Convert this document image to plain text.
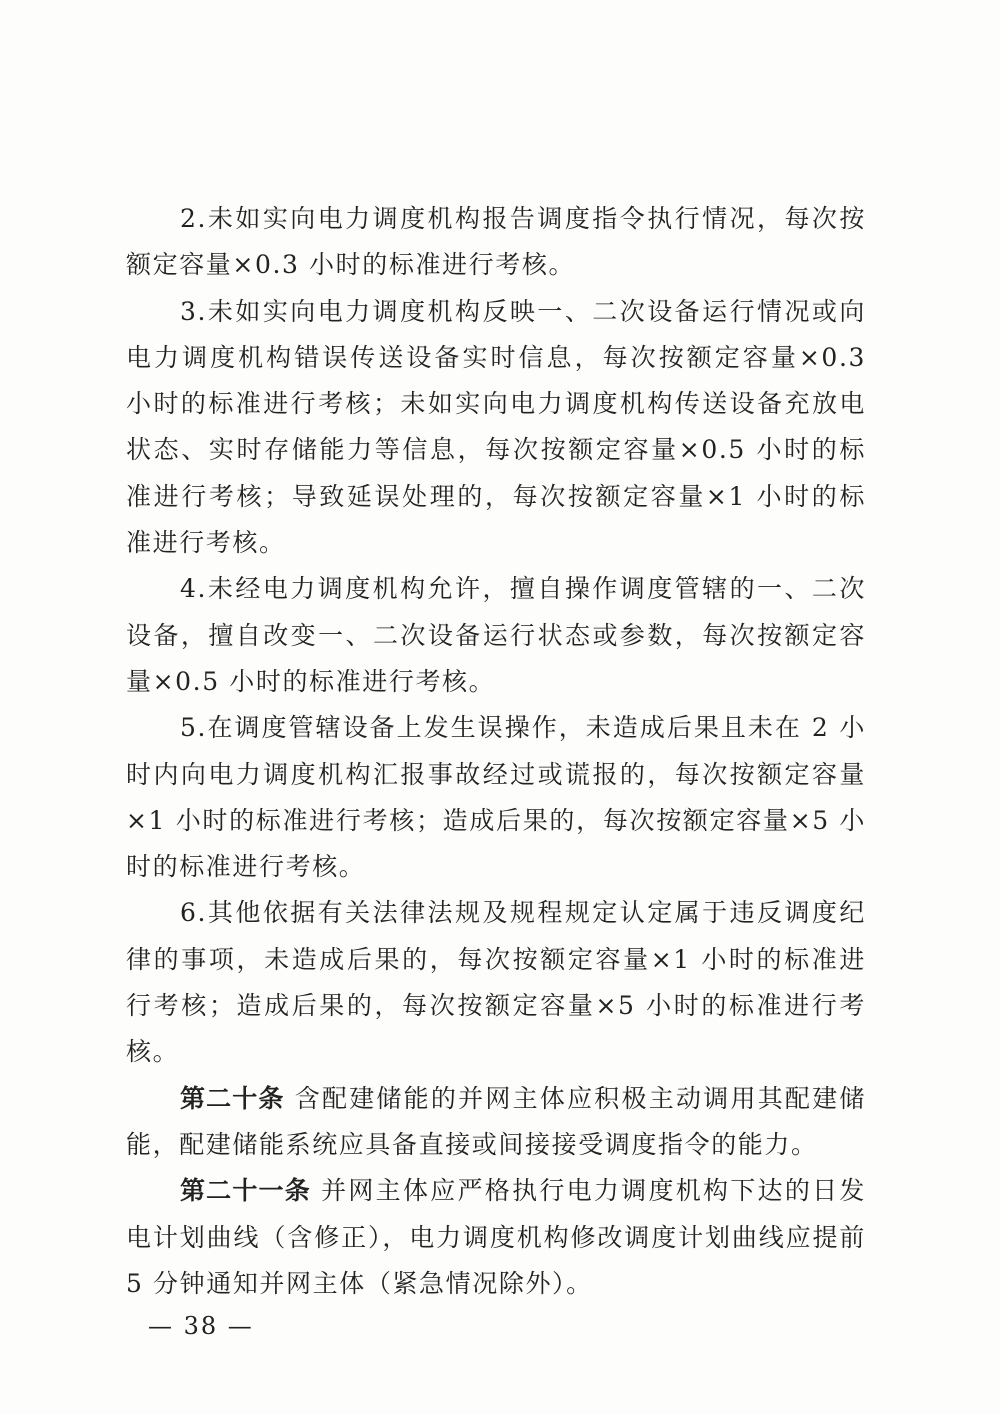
2.未如实向电力调度机构报告调度指令执行情况，每次按额定容量×0.3 小时的标准进行考核。

3.未如实向电力调度机构反映一、二次设备运行情况或向电力调度机构错误传送设备实时信息，每次按额定容量×0.3 小时的标准进行考核；未如实向电力调度机构传送设备充放电状态、实时存储能力等信息，每次按额定容量×0.5 小时的标准进行考核；导致延误处理的，每次按额定容量×1 小时的标准进行考核。

4.未经电力调度机构允许，擅自操作调度管辖的一、二次设备，擅自改变一、二次设备运行状态或参数，每次按额定容量×0.5 小时的标准进行考核。

5.在调度管辖设备上发生误操作，未造成后果且未在 2 小时内向电力调度机构汇报事故经过或谎报的，每次按额定容量×1 小时的标准进行考核；造成后果的，每次按额定容量×5 小时的标准进行考核。

6.其他依据有关法律法规及规程规定认定属于违反调度纪律的事项，未造成后果的，每次按额定容量×1 小时的标准进行考核；造成后果的，每次按额定容量×5 小时的标准进行考核。

第二十条 含配建储能的并网主体应积极主动调用其配建储能，配建储能系统应具备直接或间接接受调度指令的能力。

第二十一条 并网主体应严格执行电力调度机构下达的日发电计划曲线（含修正），电力调度机构修改调度计划曲线应提前 5 分钟通知并网主体（紧急情况除外）。

— 38 —
